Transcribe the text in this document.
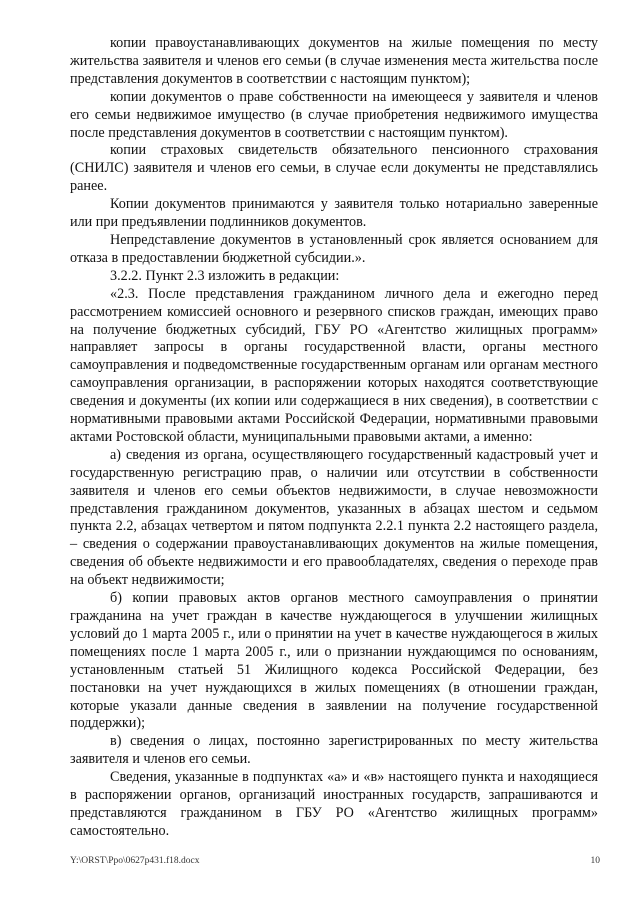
копии правоустанавливающих документов на жилые помещения по месту жительства заявителя и членов его семьи (в случае изменения места жительства после представления документов в соответствии с настоящим пунктом);

копии документов о праве собственности на имеющееся у заявителя и членов его семьи недвижимое имущество (в случае приобретения недвижимого имущества после представления документов в соответствии с настоящим пунктом).

копии страховых свидетельств обязательного пенсионного страхования (СНИЛС) заявителя и членов его семьи, в случае если документы не представлялись ранее.

Копии документов принимаются у заявителя только нотариально заверенные или при предъявлении подлинников документов.

Непредставление документов в установленный срок является основанием для отказа в предоставлении бюджетной субсидии.».

3.2.2. Пункт 2.3 изложить в редакции:

«2.3. После представления гражданином личного дела и ежегодно перед рассмотрением комиссией основного и резервного списков граждан, имеющих право на получение бюджетных субсидий, ГБУ РО «Агентство жилищных программ» направляет запросы в органы государственной власти, органы местного самоуправления и подведомственные государственным органам или органам местного самоуправления организации, в распоряжении которых находятся соответствующие сведения и документы (их копии или содержащиеся в них сведения), в соответствии с нормативными правовыми актами Российской Федерации, нормативными правовыми актами Ростовской области, муниципальными правовыми актами, а именно:

а) сведения из органа, осуществляющего государственный кадастровый учет и государственную регистрацию прав, о наличии или отсутствии в собственности заявителя и членов его семьи объектов недвижимости, в случае невозможности представления гражданином документов, указанных в абзацах шестом и седьмом пункта 2.2, абзацах четвертом и пятом подпункта 2.2.1 пункта 2.2 настоящего раздела, – сведения о содержании правоустанавливающих документов на жилые помещения, сведения об объекте недвижимости и его правообладателях, сведения о переходе прав на объект недвижимости;

б) копии правовых актов органов местного самоуправления о принятии гражданина на учет граждан в качестве нуждающегося в улучшении жилищных условий до 1 марта 2005 г., или о принятии на учет в качестве нуждающегося в жилых помещениях после 1 марта 2005 г., или о признании нуждающимся по основаниям, установленным статьей 51 Жилищного кодекса Российской Федерации, без постановки на учет нуждающихся в жилых помещениях (в отношении граждан, которые указали данные сведения в заявлении на получение государственной поддержки);

в) сведения о лицах, постоянно зарегистрированных по месту жительства заявителя и членов его семьи.

Сведения, указанные в подпунктах «а» и «в» настоящего пункта и находящиеся в распоряжении органов, организаций иностранных государств, запрашиваются и представляются гражданином в ГБУ РО «Агентство жилищных программ» самостоятельно.

Y:\ORST\Ppo\0627p431.f18.docx	10
